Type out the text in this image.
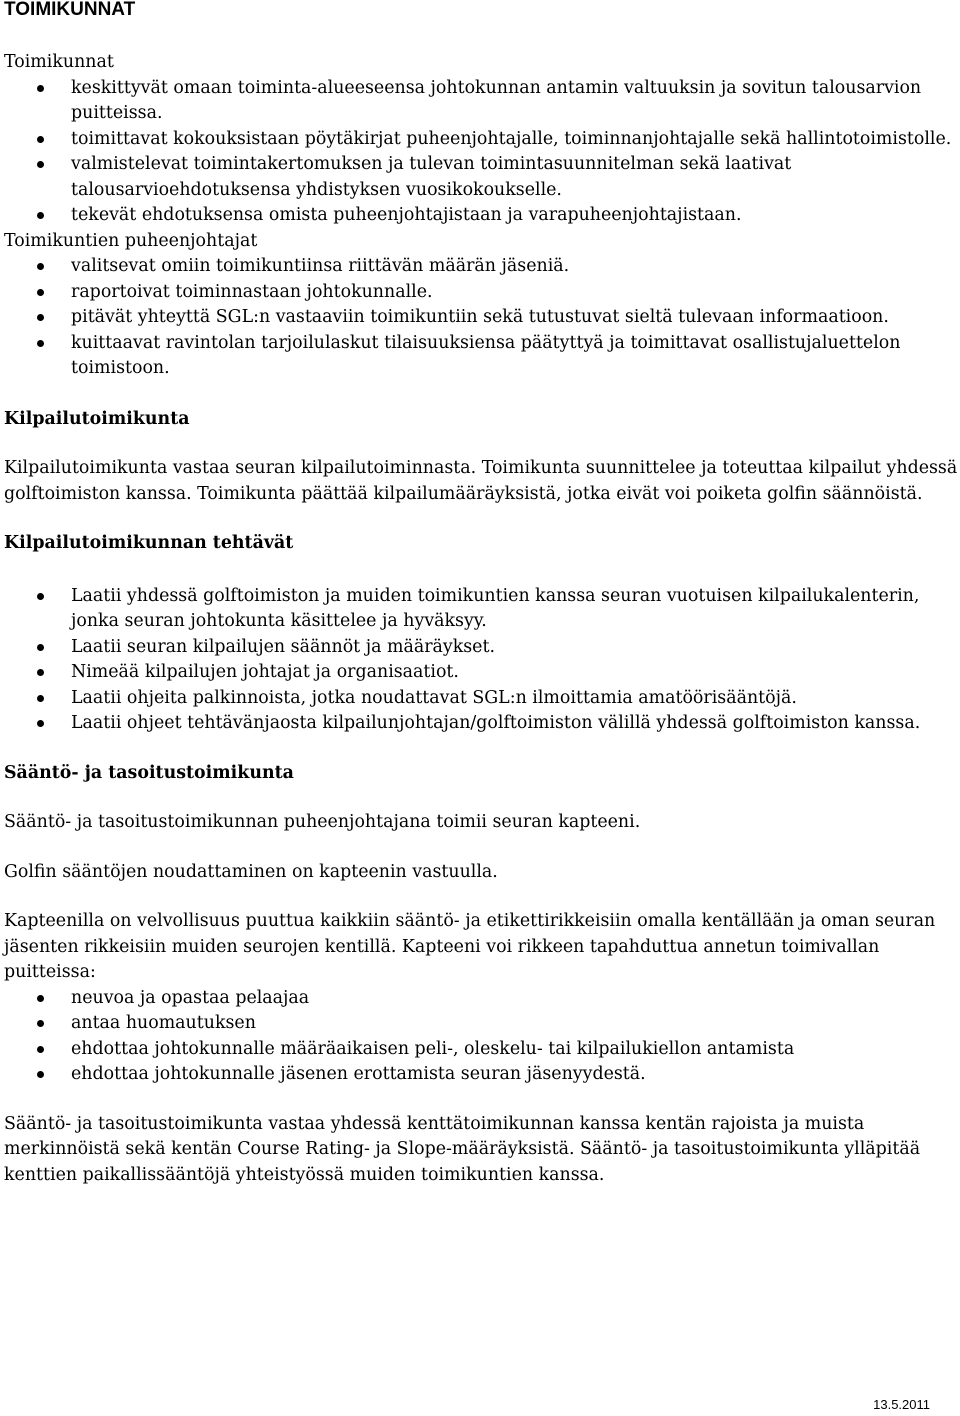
TOIMIKUNNAT
Toimikunnat
keskittyvät omaan toiminta-alueeseensa johtokunnan antamin valtuuksin ja sovitun talousarvion puitteissa.
toimittavat kokouksistaan pöytäkirjat puheenjohtajalle, toiminnanjohtajalle sekä hallintotoimistolle.
valmistelevat toimintakertomuksen ja tulevan toimintasuunnitelman sekä laativat talousarvioehdotuksensa yhdistyksen vuosikokoukselle.
tekevät ehdotuksensa omista puheenjohtajistaan ja varapuheenjohtajistaan.
Toimikuntien puheenjohtajat
valitsevat omiin toimikuntiinsa riittävän määrän jäseniä.
raportoivat toiminnastaan johtokunnalle.
pitävät yhteyttä SGL:n vastaaviin toimikuntiin sekä tutustuvat sieltä tulevaan informaatioon.
kuittaavat ravintolan tarjoilulaskut tilaisuuksiensa päätyttyä ja toimittavat osallistujaluettelon toimistoon.
Kilpailutoimikunta
Kilpailutoimikunta vastaa seuran kilpailutoiminnasta. Toimikunta suunnittelee ja toteuttaa kilpailut yhdessä golftoimiston kanssa. Toimikunta päättää kilpailumääräyksistä, jotka eivät voi poiketa golfin säännöistä.
Kilpailutoimikunnan tehtävät
Laatii yhdessä golftoimiston ja muiden toimikuntien kanssa seuran vuotuisen kilpailukalenterin, jonka seuran johtokunta käsittelee ja hyväksyy.
Laatii seuran kilpailujen säännöt ja määräykset.
Nimeää kilpailujen johtajat ja organisaatiot.
Laatii ohjeita palkinnoista, jotka noudattavat SGL:n ilmoittamia amatöörisääntöjä.
Laatii ohjeet tehtävänjaosta kilpailunjohtajan/golftoimiston välillä yhdessä golftoimiston kanssa.
Sääntö- ja tasoitustoimikunta
Sääntö- ja tasoitustoimikunnan puheenjohtajana toimii seuran kapteeni.
Golfin sääntöjen noudattaminen on kapteenin vastuulla.
Kapteenilla on velvollisuus puuttua kaikkiin sääntö- ja etikettirikkeisiin omalla kentällään ja oman seuran jäsenten rikkeisiin muiden seurojen kentillä. Kapteeni voi rikkeen tapahduttua annetun toimivallan puitteissa:
neuvoa ja opastaa pelaajaa
antaa huomautuksen
ehdottaa johtokunnalle määräaikaisen peli-, oleskelu- tai kilpailukiellon antamista
ehdottaa johtokunnalle jäsenen erottamista seuran jäsenyydestä.
Sääntö- ja tasoitustoimikunta vastaa yhdessä kenttätoimikunnan kanssa kentän rajoista ja muista merkinnöistä sekä kentän Course Rating- ja Slope-määräyksistä. Sääntö- ja tasoitustoimikunta ylläpitää kenttien paikallissääntöjä yhteistyössä muiden toimikuntien kanssa.
13.5.2011
